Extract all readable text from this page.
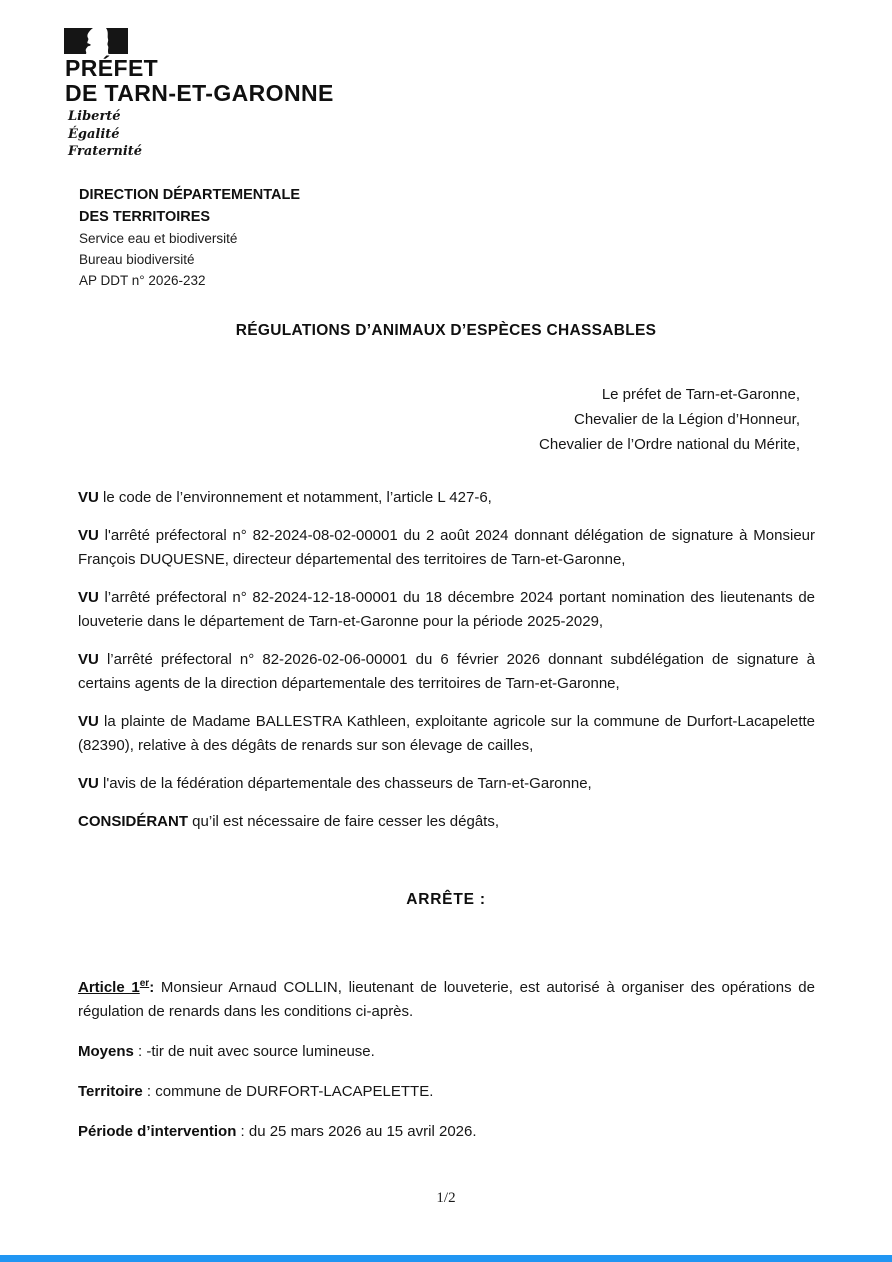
PRÉFET
DE TARN-ET-GARONNE
Liberté
Égalité
Fraternité
DIRECTION DÉPARTEMENTALE
DES TERRITOIRES
Service eau et biodiversité
Bureau biodiversité
AP DDT n° 2026-232
RÉGULATIONS D’ANIMAUX D’ESPÈCES CHASSABLES
Le préfet de Tarn-et-Garonne,
Chevalier de la Légion d’Honneur,
Chevalier de l’Ordre national du Mérite,

VU le code de l’environnement et notamment, l’article L 427-6,

VU l'arrêté préfectoral n° 82-2024-08-02-00001 du 2 août 2024 donnant délégation de signature à Monsieur François DUQUESNE, directeur départemental des territoires de Tarn-et-Garonne,

VU l’arrêté préfectoral n° 82-2024-12-18-00001 du 18 décembre 2024 portant nomination des lieutenants de louveterie dans le département de Tarn-et-Garonne pour la période 2025-2029,

VU l’arrêté préfectoral n° 82-2026-02-06-00001 du 6 février 2026 donnant subdélégation de signature à certains agents de la direction départementale des territoires de Tarn-et-Garonne,

VU la plainte de Madame BALLESTRA Kathleen, exploitante agricole sur la commune de Durfort-Lacapelette (82390), relative à des dégâts de renards sur son élevage de cailles,

VU l'avis de la fédération départementale des chasseurs de Tarn-et-Garonne,

CONSIDÉRANT qu’il est nécessaire de faire cesser les dégâts,

ARRÊTE :

Article 1er: Monsieur Arnaud COLLIN, lieutenant de louveterie, est autorisé à organiser des opérations de régulation de renards dans les conditions ci-après.

Moyens : -tir de nuit avec source lumineuse.

Territoire : commune de DURFORT-LACAPELETTE.

Période d’intervention : du 25 mars 2026 au 15 avril 2026.

1/2
